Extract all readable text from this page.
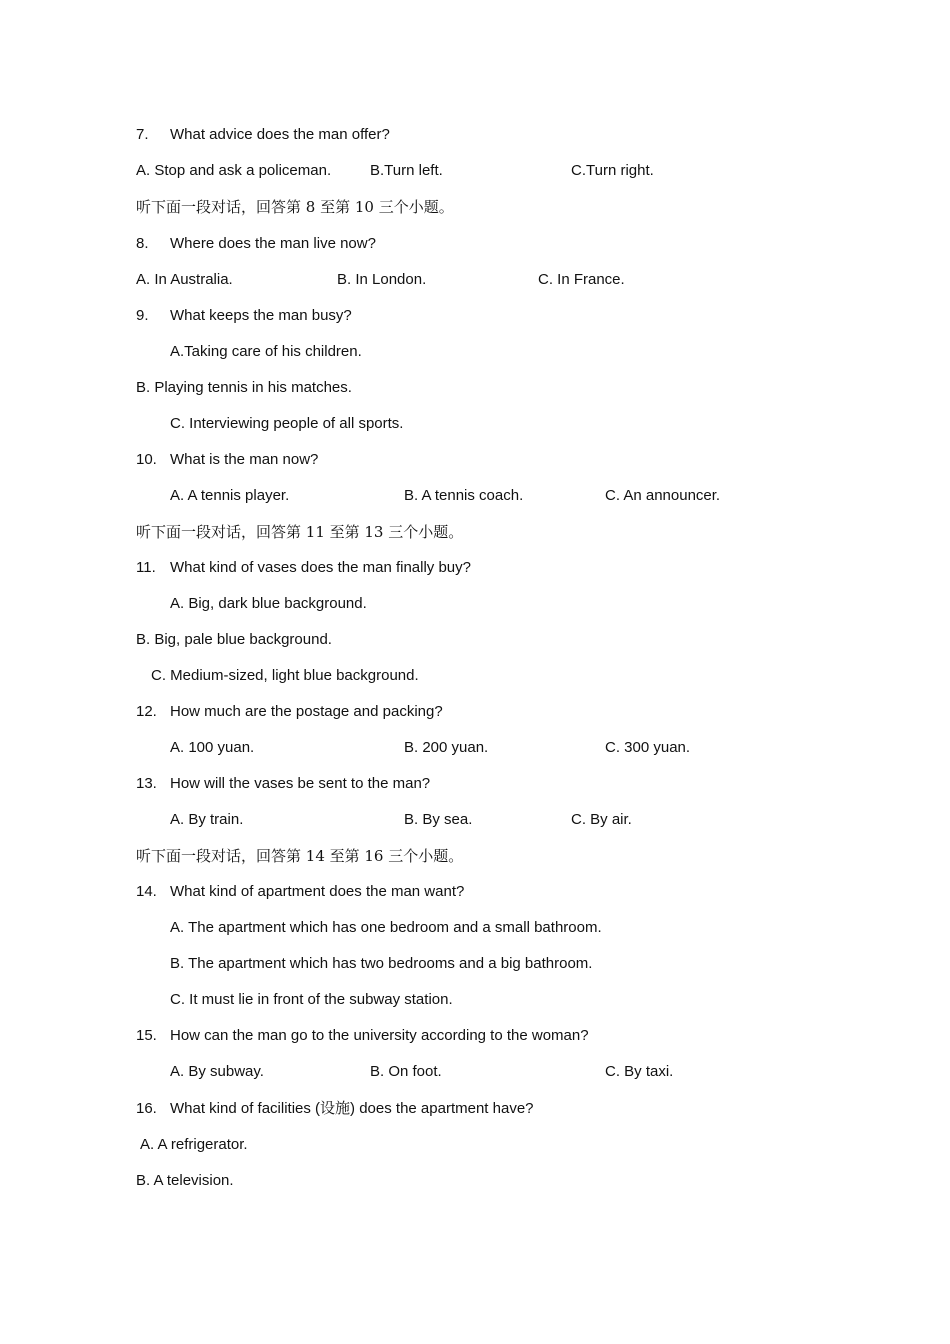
7. What advice does the man offer?
A. Stop and ask a policeman.	B.Turn left.	C.Turn right.
听下面一段对话，回答第 8 至第 10 三个小题。
8. Where does the man live now?
A. In Australia.	B. In London.	C. In France.
9. What keeps the man busy?
A.Taking care of his children.
B. Playing tennis in his matches.
C. Interviewing people of all sports.
10. What is the man now?
A. A tennis player.	B. A tennis coach.	C. An announcer.
听下面一段对话，回答第 11 至第 13 三个小题。
11. What kind of vases does the man finally buy?
A. Big, dark blue background.
B. Big, pale blue background.
C. Medium-sized, light blue background.
12. How much are the postage and packing?
A. 100 yuan.	B. 200 yuan.	C. 300 yuan.
13. How will the vases be sent to the man?
A. By train.	B. By sea.	C. By air.
听下面一段对话，回答第 14 至第 16 三个小题。
14. What kind of apartment does the man want?
A. The apartment which has one bedroom and a small bathroom.
B. The apartment which has two bedrooms and a big bathroom.
C. It must lie in front of the subway station.
15. How can the man go to the university according to the woman?
A. By subway.	B. On foot.	C. By taxi.
16. What kind of facilities (设施) does the apartment have?
A. A refrigerator.
B. A television.
